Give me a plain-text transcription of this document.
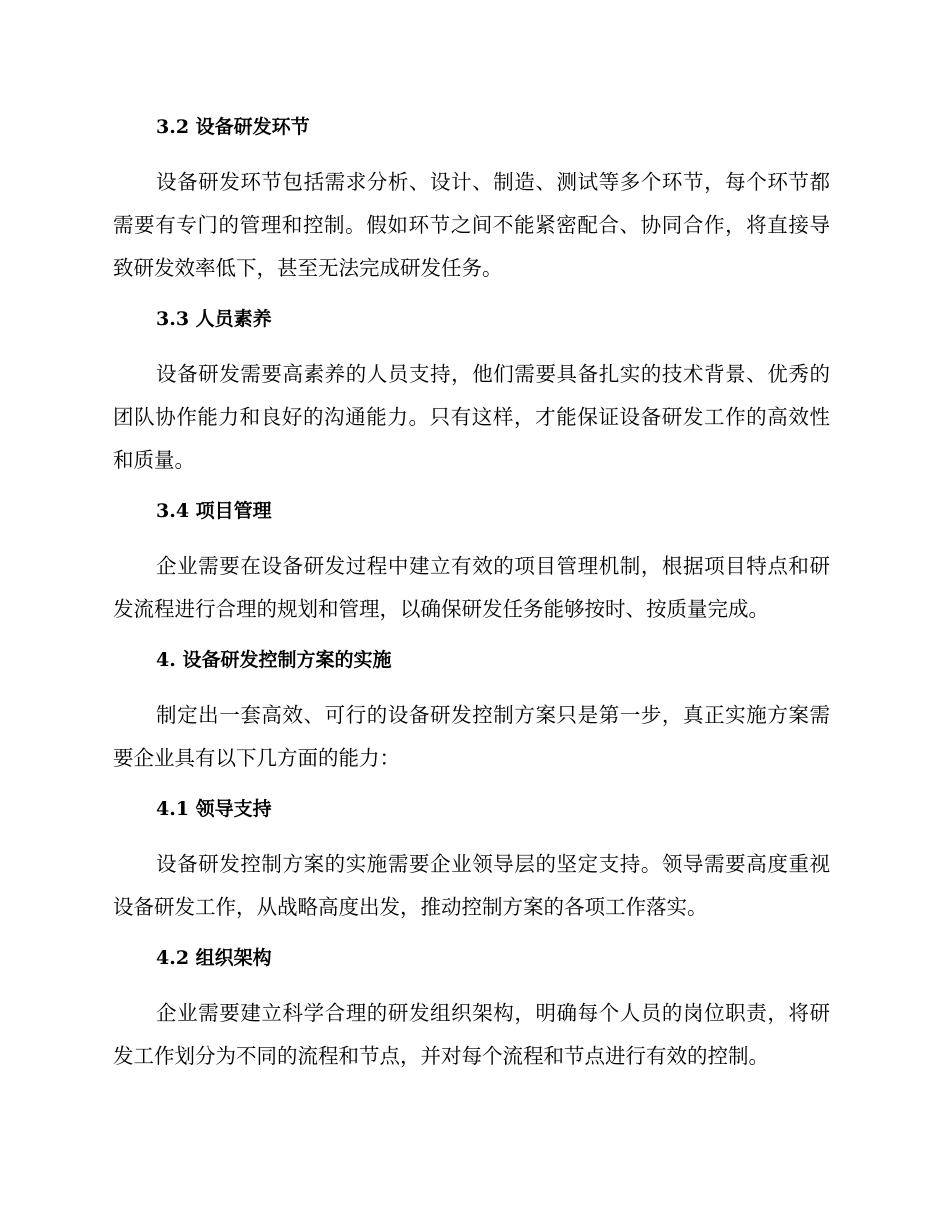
3.2 设备研发环节

设备研发环节包括需求分析、设计、制造、测试等多个环节，每个环节都需要有专门的管理和控制。假如环节之间不能紧密配合、协同合作，将直接导致研发效率低下，甚至无法完成研发任务。

3.3 人员素养

设备研发需要高素养的人员支持，他们需要具备扎实的技术背景、优秀的团队协作能力和良好的沟通能力。只有这样，才能保证设备研发工作的高效性和质量。

3.4 项目管理

企业需要在设备研发过程中建立有效的项目管理机制，根据项目特点和研发流程进行合理的规划和管理，以确保研发任务能够按时、按质量完成。

4. 设备研发控制方案的实施

制定出一套高效、可行的设备研发控制方案只是第一步，真正实施方案需要企业具有以下几方面的能力：

4.1 领导支持

设备研发控制方案的实施需要企业领导层的坚定支持。领导需要高度重视设备研发工作，从战略高度出发，推动控制方案的各项工作落实。

4.2 组织架构

企业需要建立科学合理的研发组织架构，明确每个人员的岗位职责，将研发工作划分为不同的流程和节点，并对每个流程和节点进行有效的控制。
